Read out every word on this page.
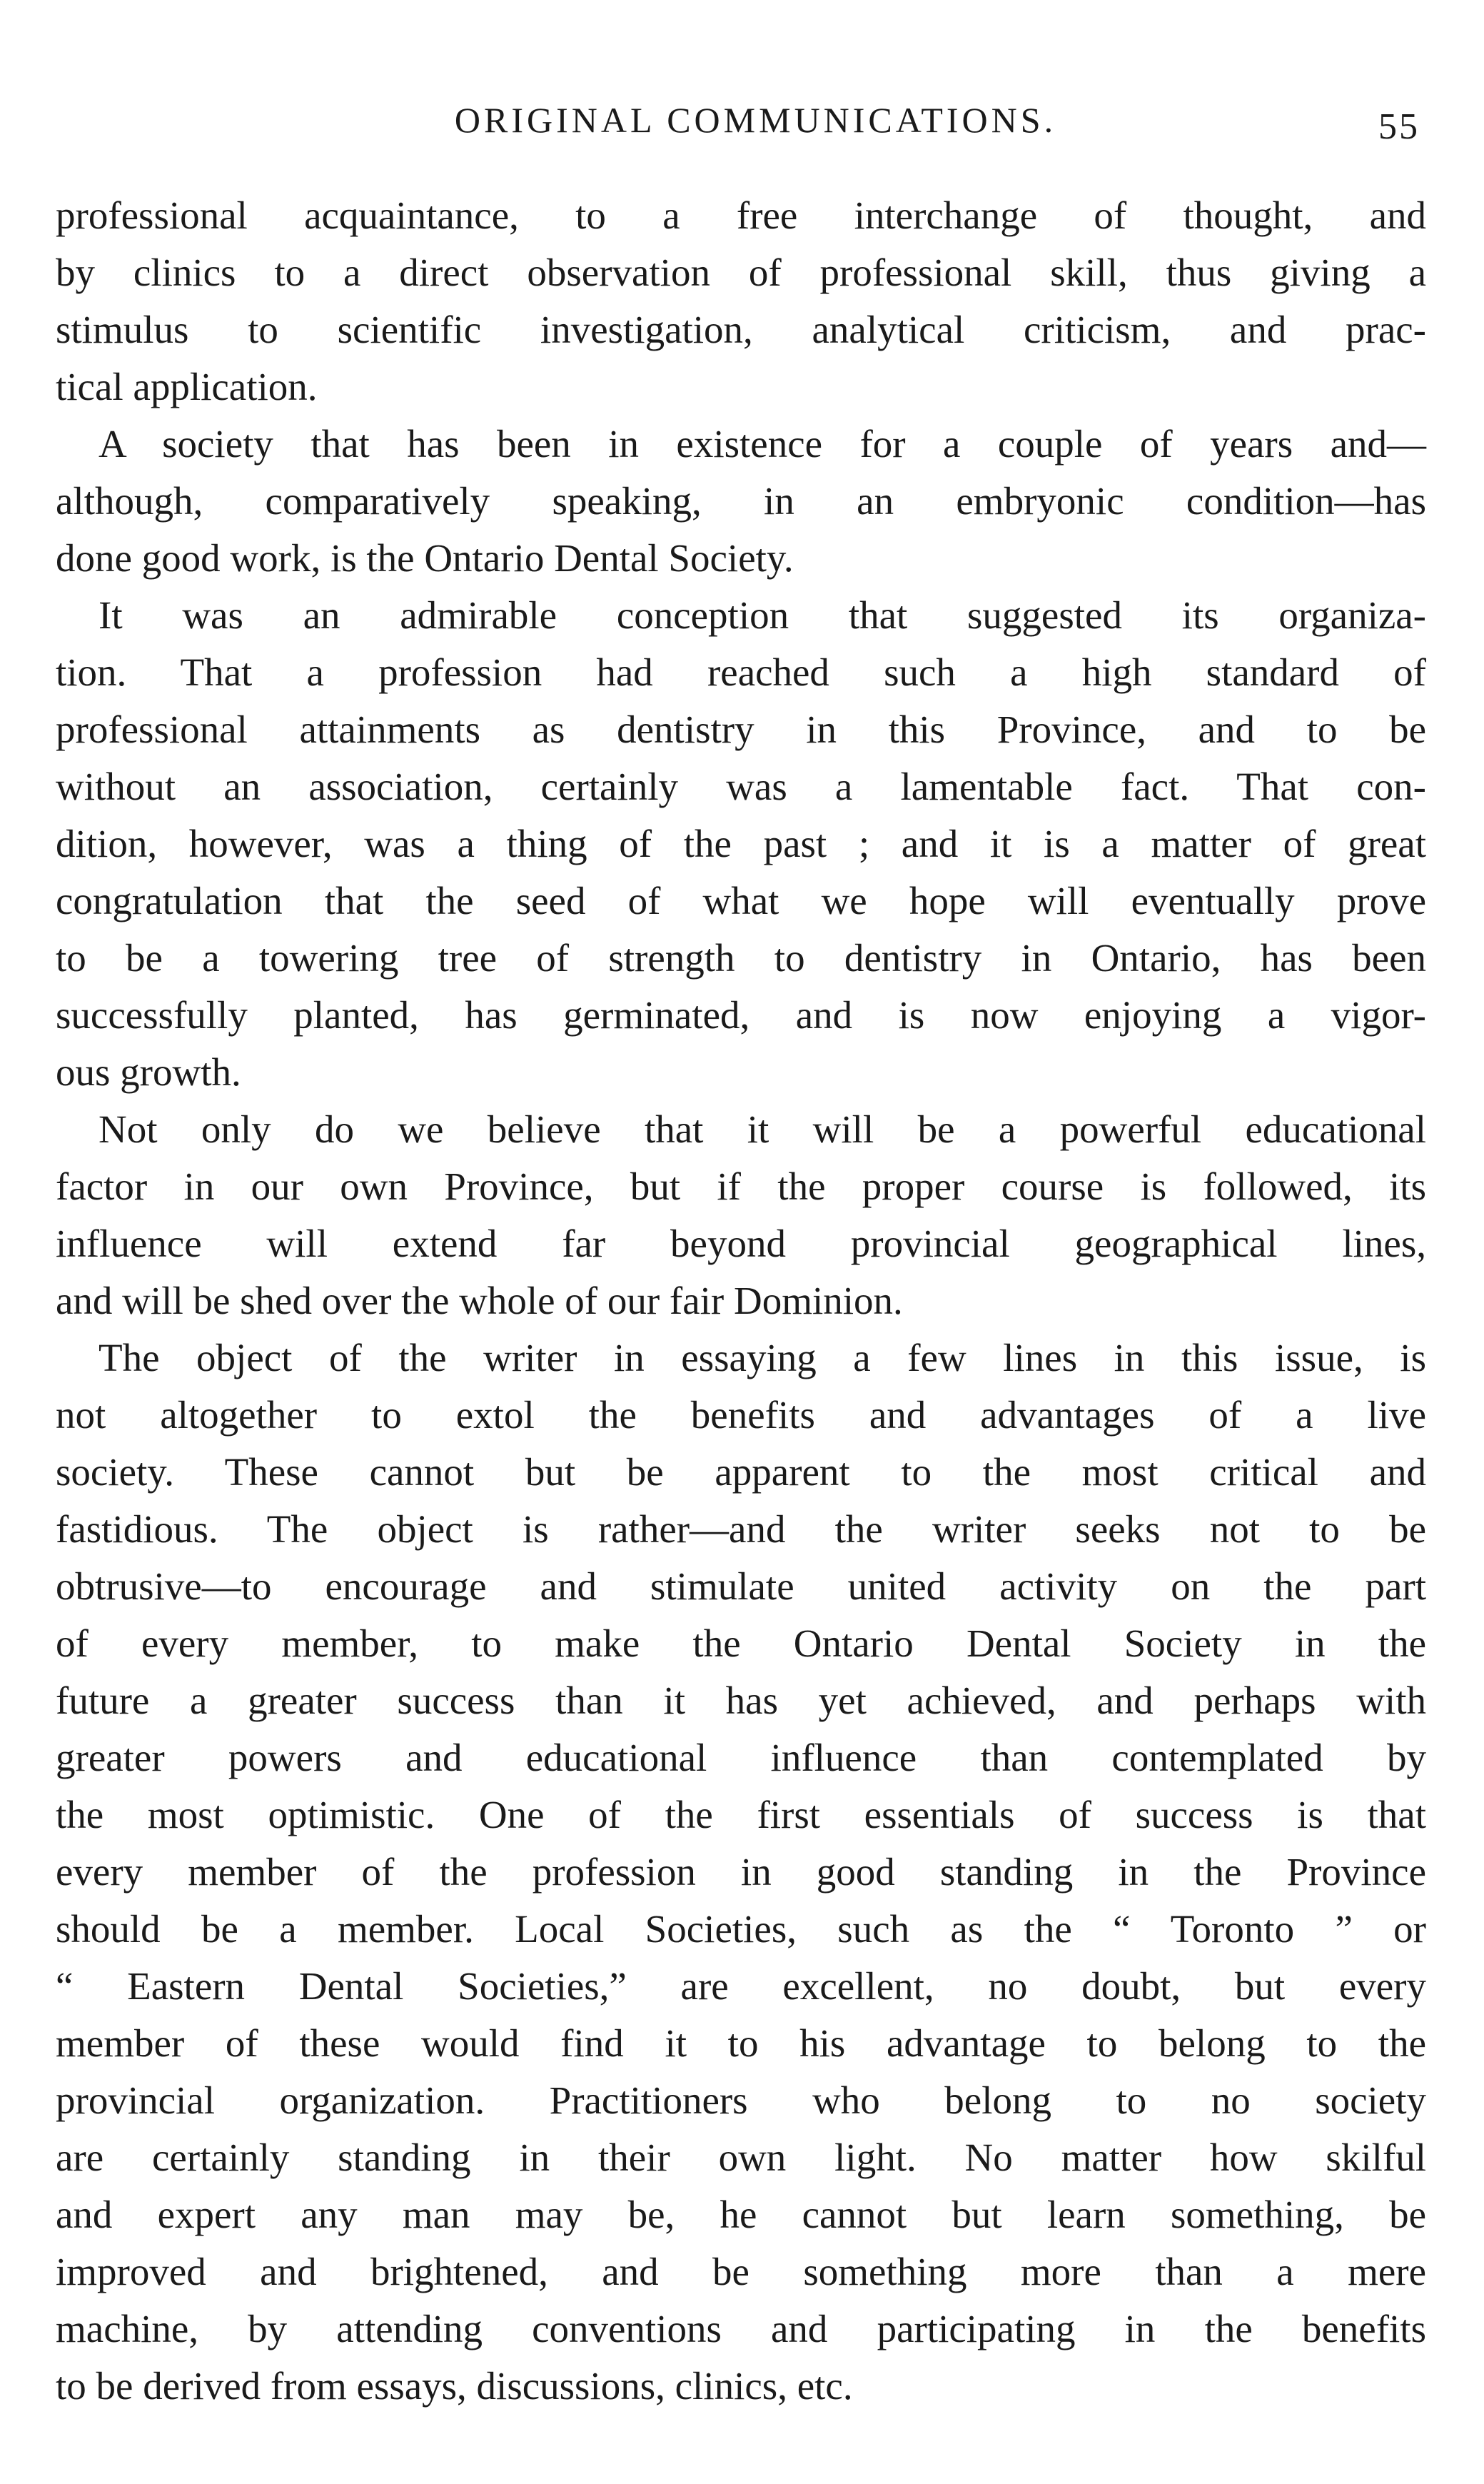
ORIGINAL COMMUNICATIONS.	55
professional acquaintance, to a free interchange of thought, and
by clinics to a direct observation of professional skill, thus giving a
stimulus to scientific investigation, analytical criticism, and prac-
tical application.
A society that has been in existence for a couple of years and—
although, comparatively speaking, in an embryonic condition—has
done good work, is the Ontario Dental Society.
It was an admirable conception that suggested its organiza-
tion. That a profession had reached such a high standard of
professional attainments as dentistry in this Province, and to be
without an association, certainly was a lamentable fact. That con-
dition, however, was a thing of the past ; and it is a matter of great
congratulation that the seed of what we hope will eventually prove
to be a towering tree of strength to dentistry in Ontario, has been
successfully planted, has germinated, and is now enjoying a vigor-
ous growth.
Not only do we believe that it will be a powerful educational
factor in our own Province, but if the proper course is followed, its
influence will extend far beyond provincial geographical lines,
and will be shed over the whole of our fair Dominion.
The object of the writer in essaying a few lines in this issue, is
not altogether to extol the benefits and advantages of a live
society. These cannot but be apparent to the most critical and
fastidious. The object is rather—and the writer seeks not to be
obtrusive—to encourage and stimulate united activity on the part
of every member, to make the Ontario Dental Society in the
future a greater success than it has yet achieved, and perhaps with
greater powers and educational influence than contemplated by
the most optimistic. One of the first essentials of success is that
every member of the profession in good standing in the Province
should be a member. Local Societies, such as the “ Toronto ” or
“ Eastern Dental Societies,” are excellent, no doubt, but every
member of these would find it to his advantage to belong to the
provincial organization. Practitioners who belong to no society
are certainly standing in their own light. No matter how skilful
and expert any man may be, he cannot but learn something, be
improved and brightened, and be something more than a mere
machine, by attending conventions and participating in the benefits
to be derived from essays, discussions, clinics, etc.
